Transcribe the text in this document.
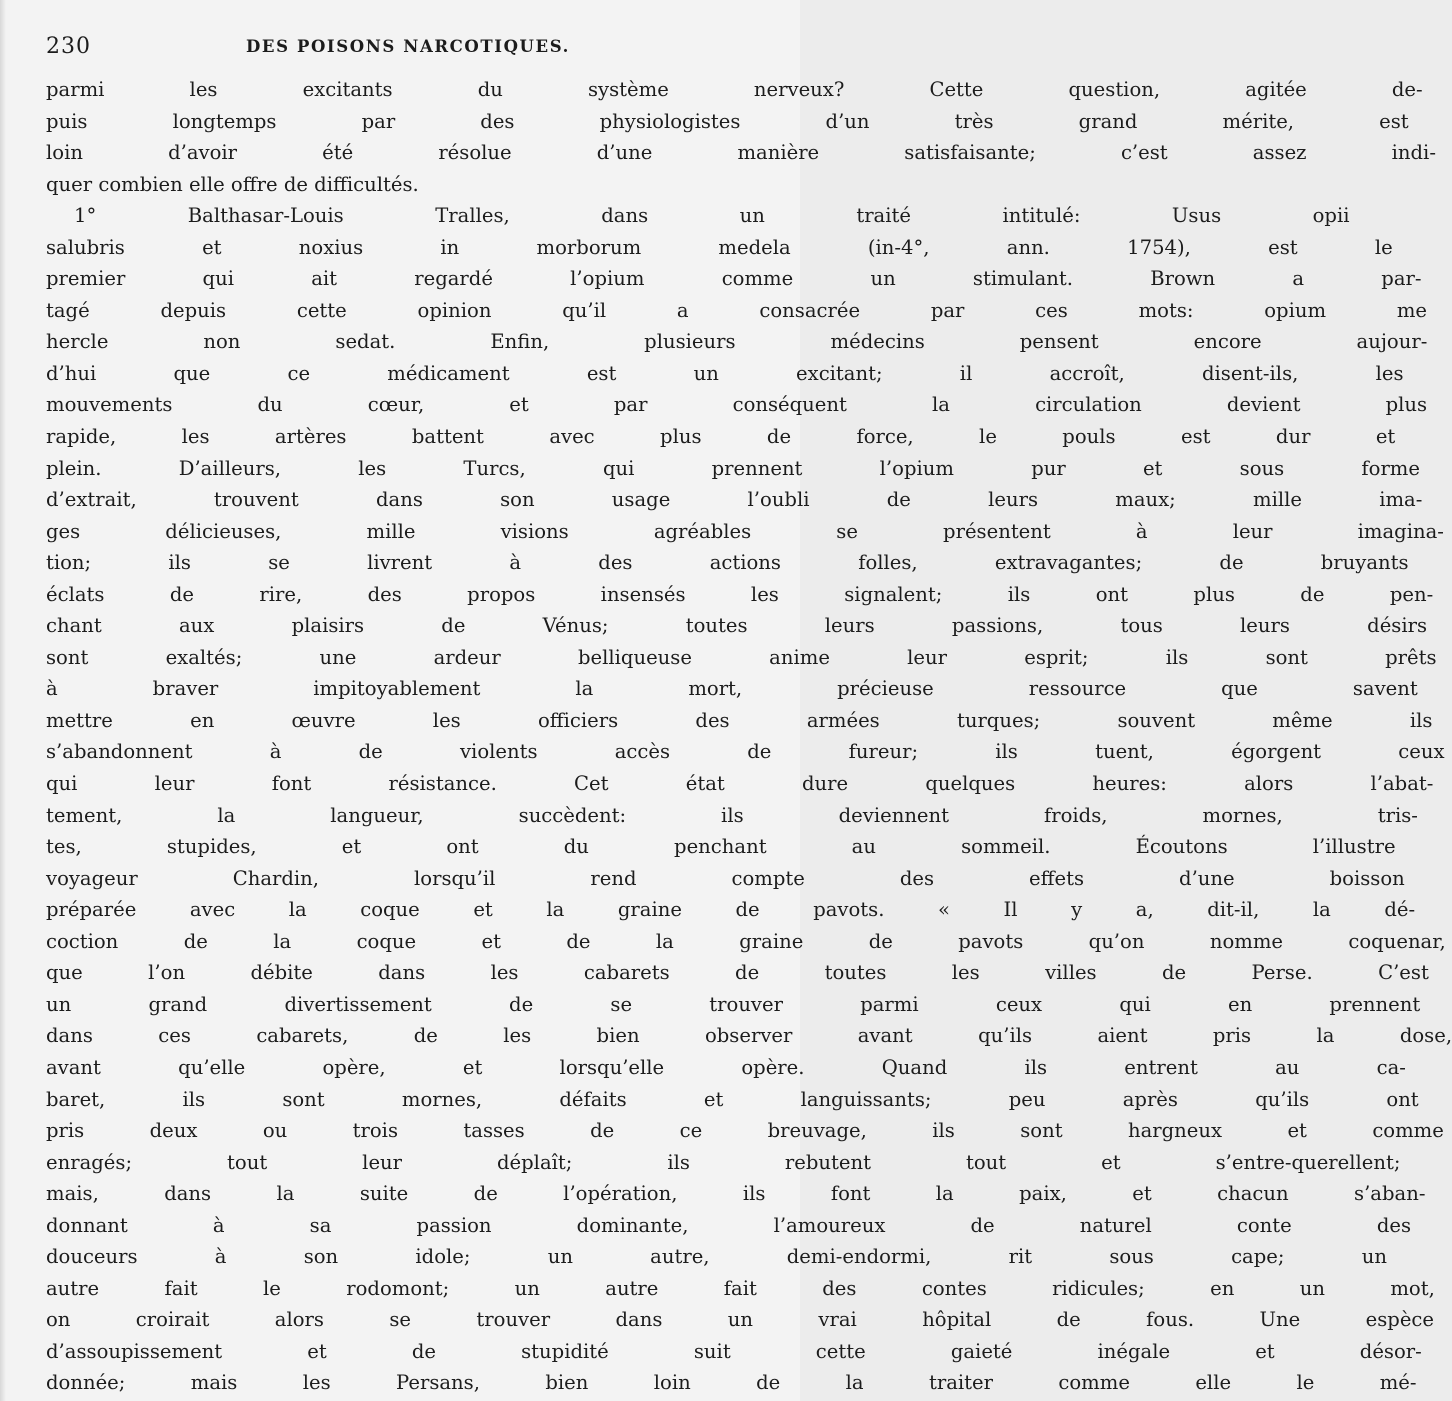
230	DES POISONS NARCOTIQUES.
parmi les excitants du système nerveux? Cette question, agitée de-
puis longtemps par des physiologistes d’un très grand mérite, est
loin d’avoir été résolue d’une manière satisfaisante; c’est assez indi-
quer combien elle offre de difficultés.
1° Balthasar-Louis Tralles, dans un traité intitulé: Usus opii
salubris et noxius in morborum medela (in-4°, ann. 1754), est le
premier qui ait regardé l’opium comme un stimulant. Brown a par-
tagé depuis cette opinion qu’il a consacrée par ces mots: opium me
hercle non sedat. Enfin, plusieurs médecins pensent encore aujour-
d’hui que ce médicament est un excitant; il accroît, disent-ils, les
mouvements du cœur, et par conséquent la circulation devient plus
rapide, les artères battent avec plus de force, le pouls est dur et
plein. D’ailleurs, les Turcs, qui prennent l’opium pur et sous forme
d’extrait, trouvent dans son usage l’oubli de leurs maux; mille ima-
ges délicieuses, mille visions agréables se présentent à leur imagina-
tion; ils se livrent à des actions folles, extravagantes; de bruyants
éclats de rire, des propos insensés les signalent; ils ont plus de pen-
chant aux plaisirs de Vénus; toutes leurs passions, tous leurs désirs
sont exaltés; une ardeur belliqueuse anime leur esprit; ils sont prêts
à braver impitoyablement la mort, précieuse ressource que savent
mettre en œuvre les officiers des armées turques; souvent même ils
s’abandonnent à de violents accès de fureur; ils tuent, égorgent ceux
qui leur font résistance. Cet état dure quelques heures: alors l’abat-
tement, la langueur, succèdent: ils deviennent froids, mornes, tris-
tes, stupides, et ont du penchant au sommeil. Écoutons l’illustre
voyageur Chardin, lorsqu’il rend compte des effets d’une boisson
préparée avec la coque et la graine de pavots. « Il y a, dit-il, la dé-
coction de la coque et de la graine de pavots qu’on nomme coquenar,
que l’on débite dans les cabarets de toutes les villes de Perse. C’est
un grand divertissement de se trouver parmi ceux qui en prennent
dans ces cabarets, de les bien observer avant qu’ils aient pris la dose,
avant qu’elle opère, et lorsqu’elle opère. Quand ils entrent au ca-
baret, ils sont mornes, défaits et languissants; peu après qu’ils ont
pris deux ou trois tasses de ce breuvage, ils sont hargneux et comme
enragés; tout leur déplaît; ils rebutent tout et s’entre-querellent;
mais, dans la suite de l’opération, ils font la paix, et chacun s’aban-
donnant à sa passion dominante, l’amoureux de naturel conte des
douceurs à son idole; un autre, demi-endormi, rit sous cape; un
autre fait le rodomont; un autre fait des contes ridicules; en un mot,
on croirait alors se trouver dans un vrai hôpital de fous. Une espèce
d’assoupissement et de stupidité suit cette gaieté inégale et désor-
donnée; mais les Persans, bien loin de la traiter comme elle le mé-
